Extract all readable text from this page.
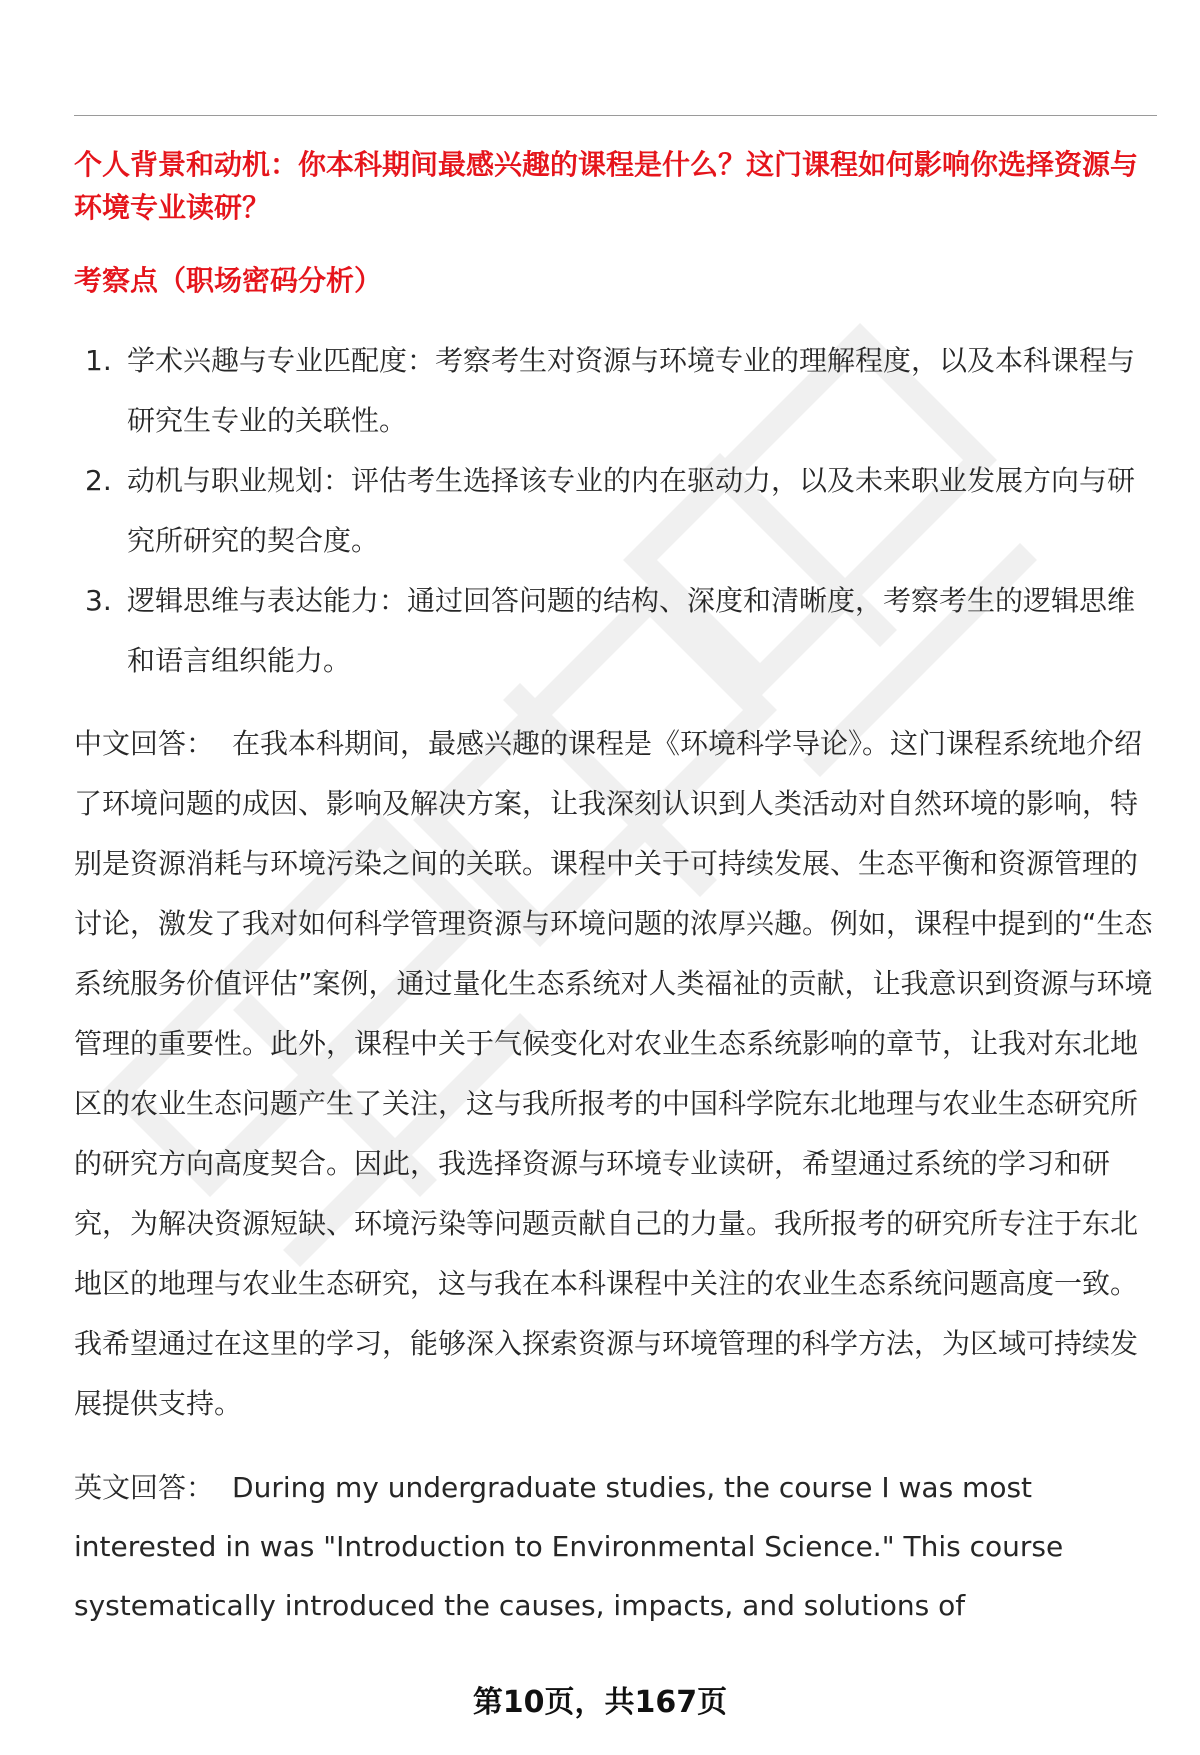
个人背景和动机：你本科期间最感兴趣的课程是什么？这门课程如何影响你选择资源与环境专业读研？

考察点（职场密码分析）

1. 学术兴趣与专业匹配度：考察考生对资源与环境专业的理解程度，以及本科课程与研究生专业的关联性。
2. 动机与职业规划：评估考生选择该专业的内在驱动力，以及未来职业发展方向与研究所研究的契合度。
3. 逻辑思维与表达能力：通过回答问题的结构、深度和清晰度，考察考生的逻辑思维和语言组织能力。

中文回答： 在我本科期间，最感兴趣的课程是《环境科学导论》。这门课程系统地介绍了环境问题的成因、影响及解决方案，让我深刻认识到人类活动对自然环境的影响，特别是资源消耗与环境污染之间的关联。课程中关于可持续发展、生态平衡和资源管理的讨论，激发了我对如何科学管理资源与环境问题的浓厚兴趣。例如，课程中提到的“生态系统服务价值评估”案例，通过量化生态系统对人类福祉的贡献，让我意识到资源与环境管理的重要性。此外，课程中关于气候变化对农业生态系统影响的章节，让我对东北地区的农业生态问题产生了关注，这与我所报考的中国科学院东北地理与农业生态研究所的研究方向高度契合。因此，我选择资源与环境专业读研，希望通过系统的学习和研究，为解决资源短缺、环境污染等问题贡献自己的力量。我所报考的研究所专注于东北地区的地理与农业生态研究，这与我在本科课程中关注的农业生态系统问题高度一致。我希望通过在这里的学习，能够深入探索资源与环境管理的科学方法，为区域可持续发展提供支持。

英文回答： During my undergraduate studies, the course I was most
interested in was "Introduction to Environmental Science." This course
systematically introduced the causes, impacts, and solutions of
第10页，共167页
